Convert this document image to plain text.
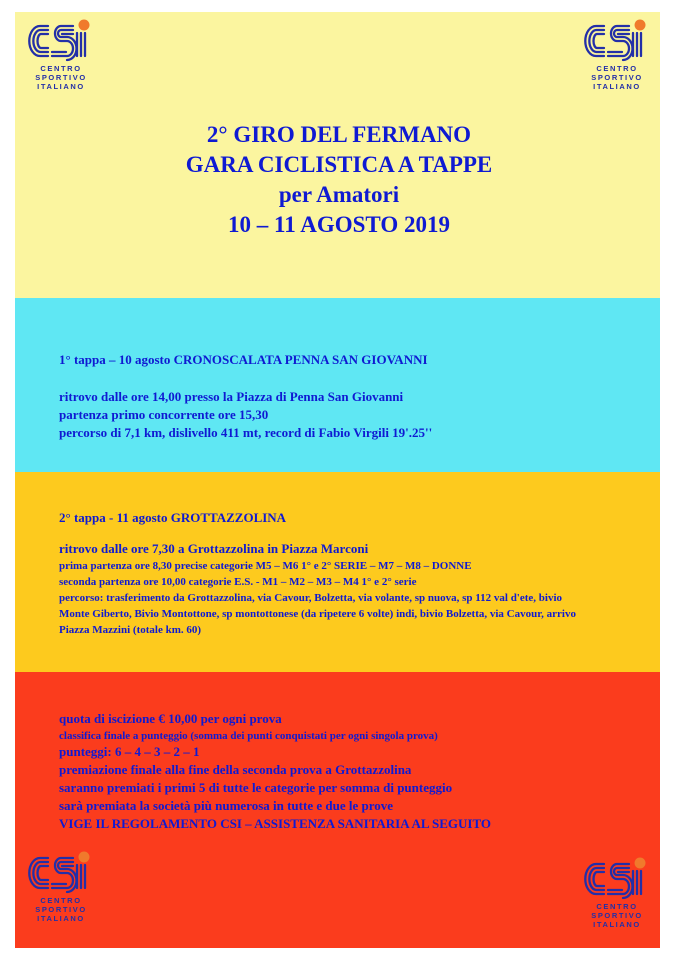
CENTRO
SPORTIVO
ITALIANO
CENTRO
SPORTIVO
ITALIANO
CENTRO
SPORTIVO
ITALIANO
CENTRO
SPORTIVO
ITALIANO
2° GIRO DEL FERMANO
GARA CICLISTICA A TAPPE
per Amatori
10 – 11 AGOSTO 2019
1° tappa – 10 agosto CRONOSCALATA PENNA SAN GIOVANNI
ritrovo dalle ore 14,00 presso la Piazza di Penna San Giovanni
partenza primo concorrente ore 15,30
percorso di 7,1 km, dislivello 411 mt, record di Fabio Virgili 19'.25''
2° tappa - 11 agosto GROTTAZZOLINA
ritrovo dalle ore 7,30 a Grottazzolina in Piazza Marconi
prima partenza ore 8,30 precise categorie M5 – M6 1° e 2° SERIE – M7 – M8 – DONNE
seconda partenza ore 10,00 categorie E.S. - M1 – M2 – M3 – M4 1° e 2° serie
percorso: trasferimento da Grottazzolina, via Cavour, Bolzetta, via volante, sp nuova, sp 112 val d'ete, bivio
Monte Giberto, Bivio Montottone, sp montottonese (da ripetere 6 volte) indi, bivio Bolzetta, via Cavour, arrivo
Piazza Mazzini (totale km. 60)
quota di iscizione € 10,00 per ogni prova
classifica finale a punteggio (somma dei punti conquistati per ogni singola prova)
punteggi: 6 – 4 – 3 – 2 – 1
premiazione finale alla fine della seconda prova a Grottazzolina
saranno premiati i primi 5 di tutte le categorie per somma di punteggio
sarà premiata la società più numerosa in tutte e due le prove
VIGE IL REGOLAMENTO CSI – ASSISTENZA SANITARIA AL SEGUITO
